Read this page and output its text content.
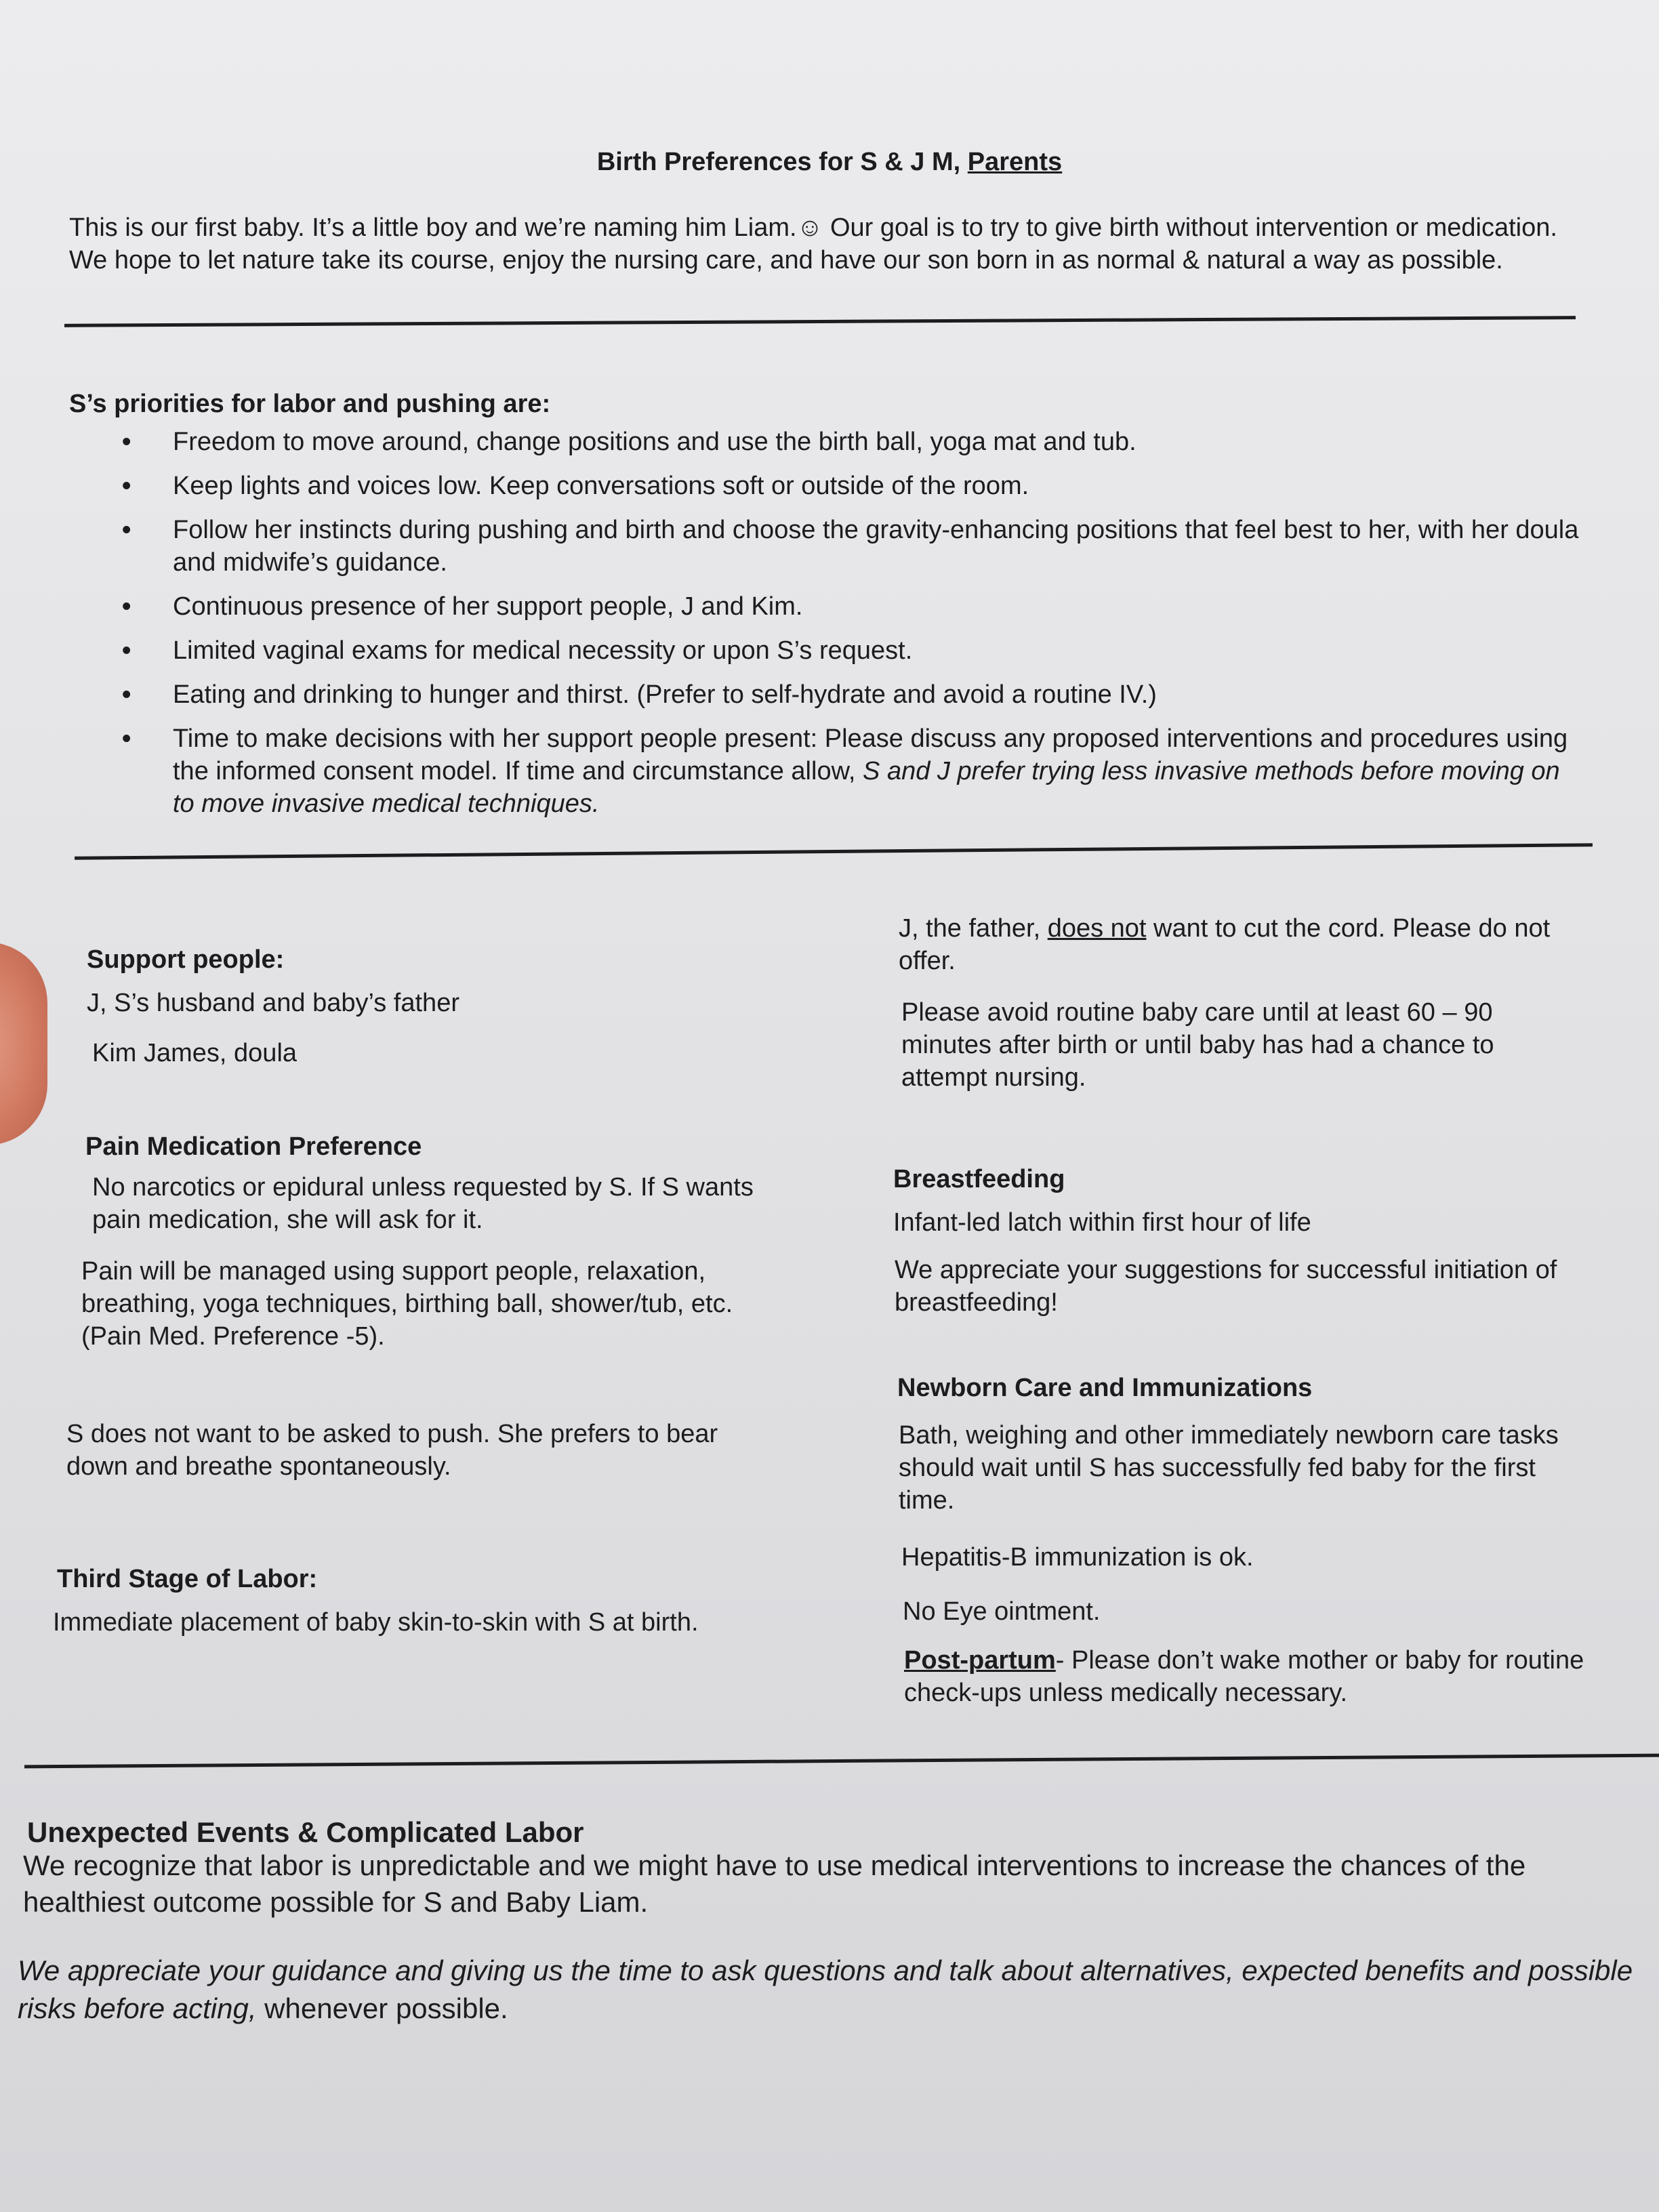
Birth Preferences for S & J M, Parents

This is our first baby. It’s a little boy and we’re naming him Liam.☺ Our goal is to try to give birth without intervention or medication. We hope to let nature take its course, enjoy the nursing care, and have our son born in as normal & natural a way as possible.

S’s priorities for labor and pushing are:

• Freedom to move around, change positions and use the birth ball, yoga mat and tub.
• Keep lights and voices low. Keep conversations soft or outside of the room.
• Follow her instincts during pushing and birth and choose the gravity-enhancing positions that feel best to her, with her doula and midwife’s guidance.
• Continuous presence of her support people, J and Kim.
• Limited vaginal exams for medical necessity or upon S’s request.
• Eating and drinking to hunger and thirst. (Prefer to self-hydrate and avoid a routine IV.)
• Time to make decisions with her support people present: Please discuss any proposed interventions and procedures using the informed consent model. If time and circumstance allow, S and J prefer trying less invasive methods before moving on to move invasive medical techniques.

Support people:

J, S’s husband and baby’s father

Kim James, doula

Pain Medication Preference

No narcotics or epidural unless requested by S. If S wants pain medication, she will ask for it.

Pain will be managed using support people, relaxation, breathing, yoga techniques, birthing ball, shower/tub, etc. (Pain Med. Preference -5).

S does not want to be asked to push. She prefers to bear down and breathe spontaneously.

Third Stage of Labor:

Immediate placement of baby skin-to-skin with S at birth.

J, the father, does not want to cut the cord. Please do not offer.

Please avoid routine baby care until at least 60 – 90 minutes after birth or until baby has had a chance to attempt nursing.

Breastfeeding

Infant-led latch within first hour of life

We appreciate your suggestions for successful initiation of breastfeeding!

Newborn Care and Immunizations

Bath, weighing and other immediately newborn care tasks should wait until S has successfully fed baby for the first time.

Hepatitis-B immunization is ok.

No Eye ointment.

Post-partum- Please don’t wake mother or baby for routine check-ups unless medically necessary.

Unexpected Events & Complicated Labor

We recognize that labor is unpredictable and we might have to use medical interventions to increase the chances of the healthiest outcome possible for S and Baby Liam.

We appreciate your guidance and giving us the time to ask questions and talk about alternatives, expected benefits and possible risks before acting, whenever possible.
